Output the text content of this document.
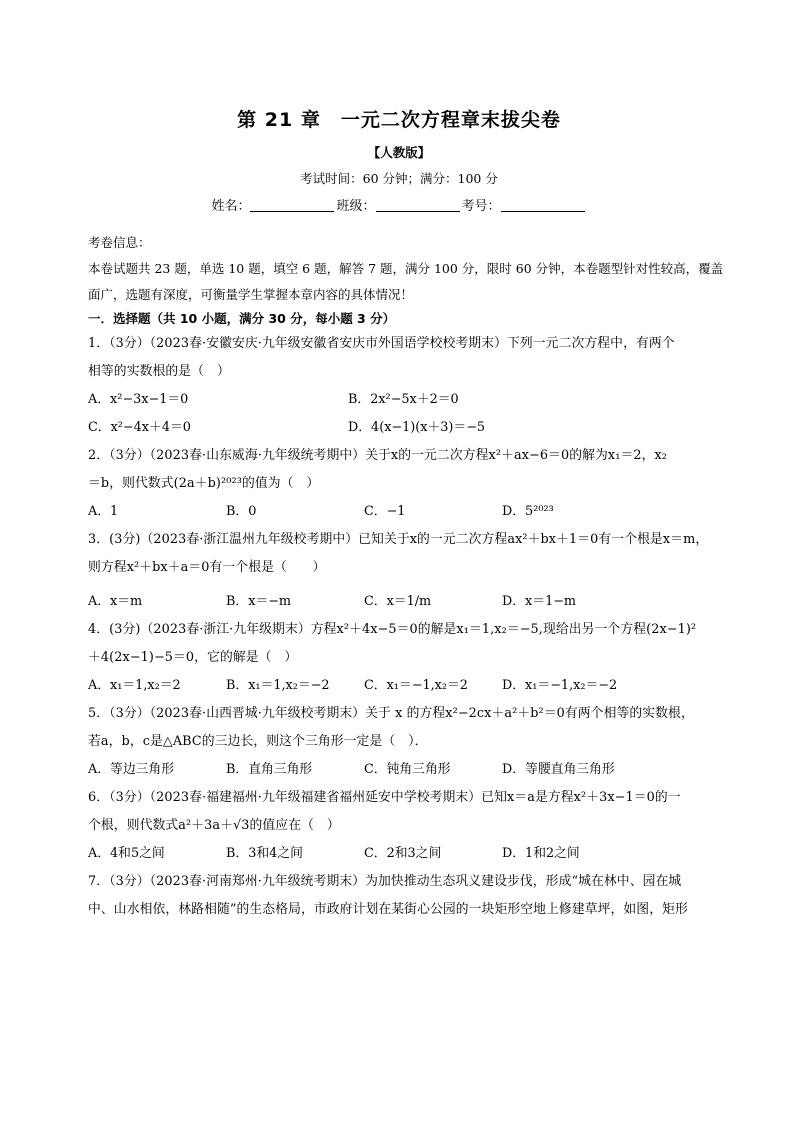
第 21 章　一元二次方程章末拔尖卷
【人教版】
考试时间：60 分钟；满分：100 分
姓名：	班级：	考号：
考卷信息：
本卷试题共 23 题，单选 10 题，填空 6 题，解答 7 题，满分 100 分，限时 60 分钟，本卷题型针对性较高，覆盖
面广，选题有深度，可衡量学生掌握本章内容的具体情况！
一．选择题（共 10 小题，满分 30 分，每小题 3 分）
1．（3分）（2023春·安徽安庆·九年级安徽省安庆市外国语学校校考期末）下列一元二次方程中，有两个
相等的实数根的是（　）
A．x²−3x−1＝0	B．2x²−5x＋2＝0
C．x²−4x＋4＝0	D．4(x−1)(x＋3)＝−5
2．（3分）（2023春·山东威海·九年级统考期中）关于x的一元二次方程x²＋ax−6＝0的解为x₁＝2，x₂
＝b，则代数式(2a＋b)²⁰²³的值为（　）
A．1	B．0	C．−1	D．5²⁰²³
3．(3分)（2023春·浙江温州九年级校考期中）已知关于x的一元二次方程ax²＋bx＋1＝0有一个根是x＝m，
则方程x²＋bx＋a＝0有一个根是（　　）
A．x＝m	B．x＝−m	C．x＝1/m	D．x＝1−m
4．(3分)（2023春·浙江·九年级期末）方程x²＋4x−5＝0的解是x₁＝1,x₂＝−5,现给出另一个方程(2x−1)²
＋4(2x−1)−5＝0，它的解是（　）
A．x₁＝1,x₂＝2	B．x₁＝1,x₂＝−2	C．x₁＝−1,x₂＝2	D．x₁＝−1,x₂＝−2
5．（3分）（2023春·山西晋城·九年级校考期末）关于 x 的方程x²−2cx＋a²＋b²＝0有两个相等的实数根，
若a，b，c是△ABC的三边长，则这个三角形一定是（　）．
A．等边三角形	B．直角三角形	C．钝角三角形	D．等腰直角三角形
6．（3分）（2023春·福建福州·九年级福建省福州延安中学校考期末）已知x＝a是方程x²＋3x−1＝0的一
个根，则代数式a²＋3a＋√3的值应在（　）
A．4和5之间	B．3和4之间	C．2和3之间	D．1和2之间
7．（3分）（2023春·河南郑州·九年级统考期末）为加快推动生态巩义建设步伐，形成“城在林中、园在城
中、山水相依，林路相随”的生态格局，市政府计划在某街心公园的一块矩形空地上修建草坪，如图，矩形
